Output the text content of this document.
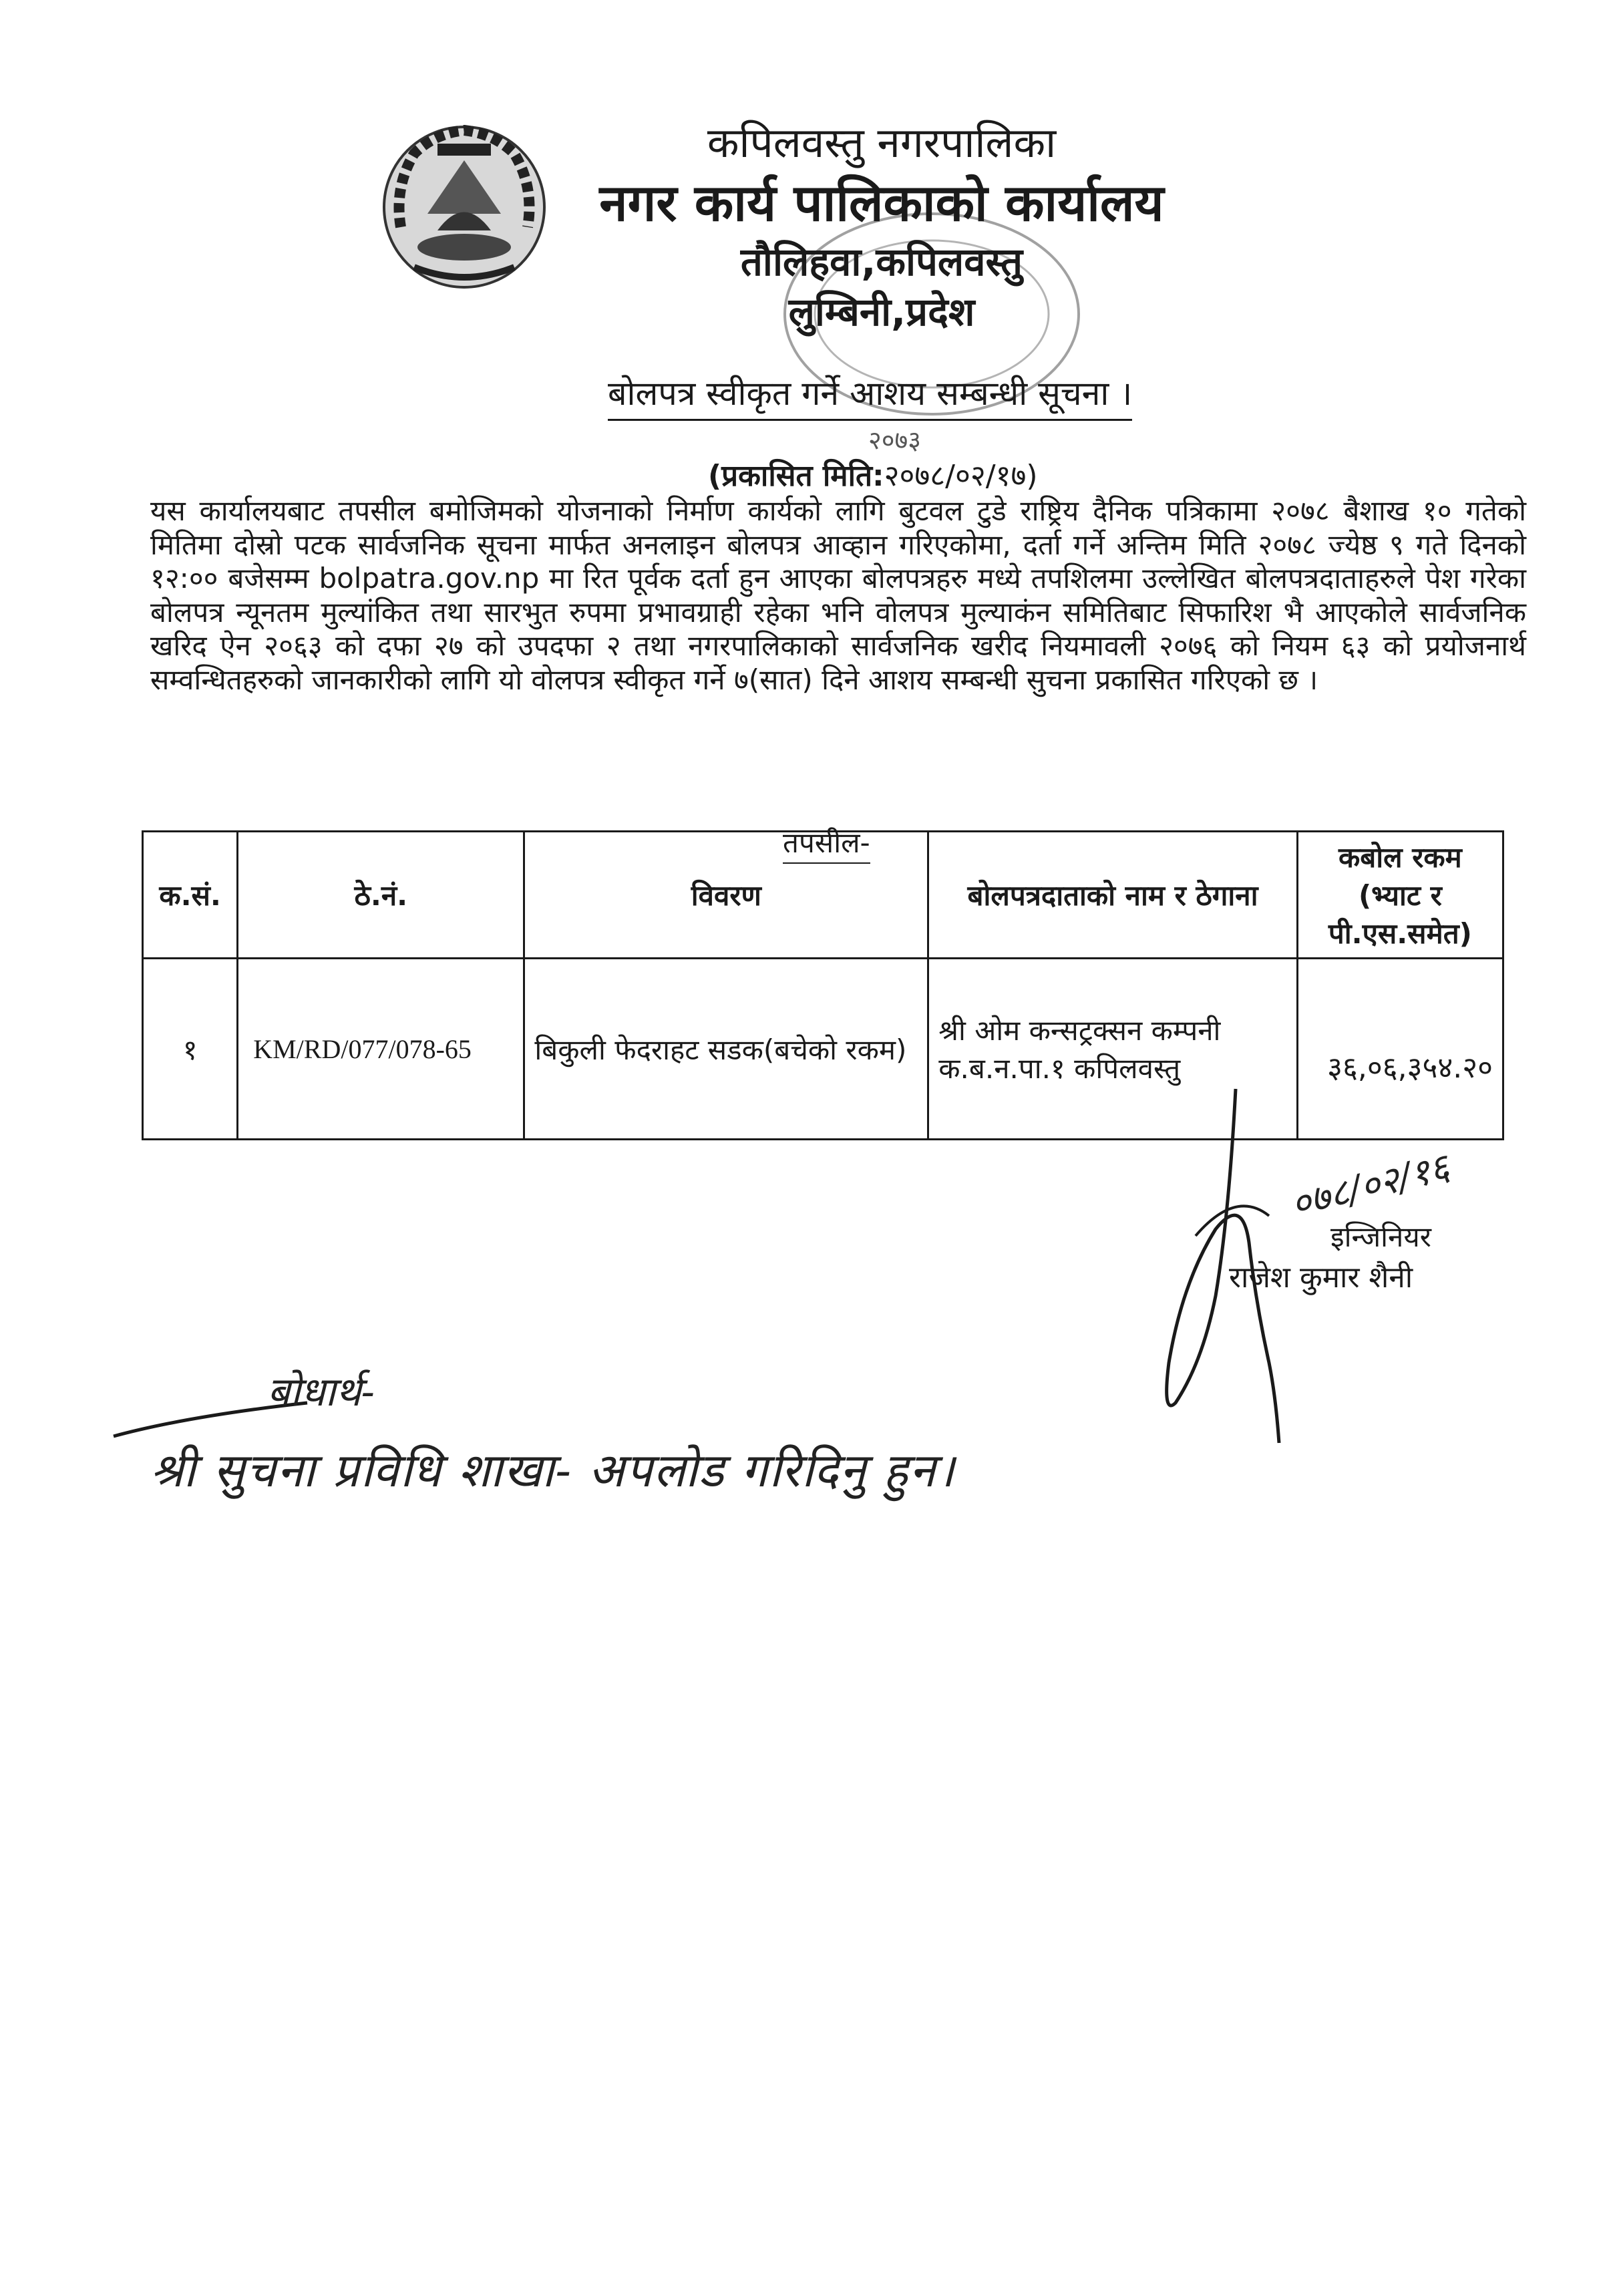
कपिलवस्तु नगरपालिका
नगर कार्य पालिकाको कार्यालय
तौलिहवा,कपिलवस्तु
लुम्बिनी,प्रदेश
बोलपत्र स्वीकृत गर्ने आशय सम्बन्धी सूचना ।
२०७३
(प्रकासित मिति:२०७८/०२/१७)
यस कार्यालयबाट तपसील बमोजिमको योजनाको निर्माण कार्यको लागि बुटवल टुडे राष्ट्रिय दैनिक पत्रिकामा २०७८ बैशाख १० गतेको मितिमा दोस्रो पटक सार्वजनिक सूचना मार्फत अनलाइन बोलपत्र आव्हान गरिएकोमा, दर्ता गर्ने अन्तिम मिति २०७८ ज्येष्ठ ९ गते दिनको १२:०० बजेसम्म bolpatra.gov.np मा रित पूर्वक दर्ता हुन आएका बोलपत्रहरु मध्ये तपशिलमा उल्लेखित बोलपत्रदाताहरुले पेश गरेका बोलपत्र न्यूनतम मुल्यांकित तथा सारभुत रुपमा प्रभावग्राही रहेका भनि वोलपत्र मुल्याकंन समितिबाट सिफारिश भै आएकोले सार्वजनिक खरिद ऐन २०६३ को दफा २७ को उपदफा २ तथा नगरपालिकाको सार्वजनिक खरीद नियमावली २०७६ को नियम ६३ को प्रयोजनार्थ सम्वन्धितहरुको जानकारीको लागि यो वोलपत्र स्वीकृत गर्ने ७(सात) दिने आशय सम्बन्धी सुचना प्रकासित गरिएको छ ।
तपसील-
क.सं.	ठे.नं.	विवरण	बोलपत्रदाताको नाम र ठेगाना	कबोल रकम (भ्याट र पी.एस.समेत)
१	KM/RD/077/078-65	बिकुली फेदराहट सडक(बचेको रकम)	श्री ओम कन्सट्रक्सन कम्पनी क.ब.न.पा.१ कपिलवस्तु	३६,०६,३५४.२०
०७८/०२/१६
इन्जिनियर
राजेश कुमार शैनी
बोधार्थ-
श्री सुचना प्रविधि शाखा- अपलोड गरिदिनु हुन।
